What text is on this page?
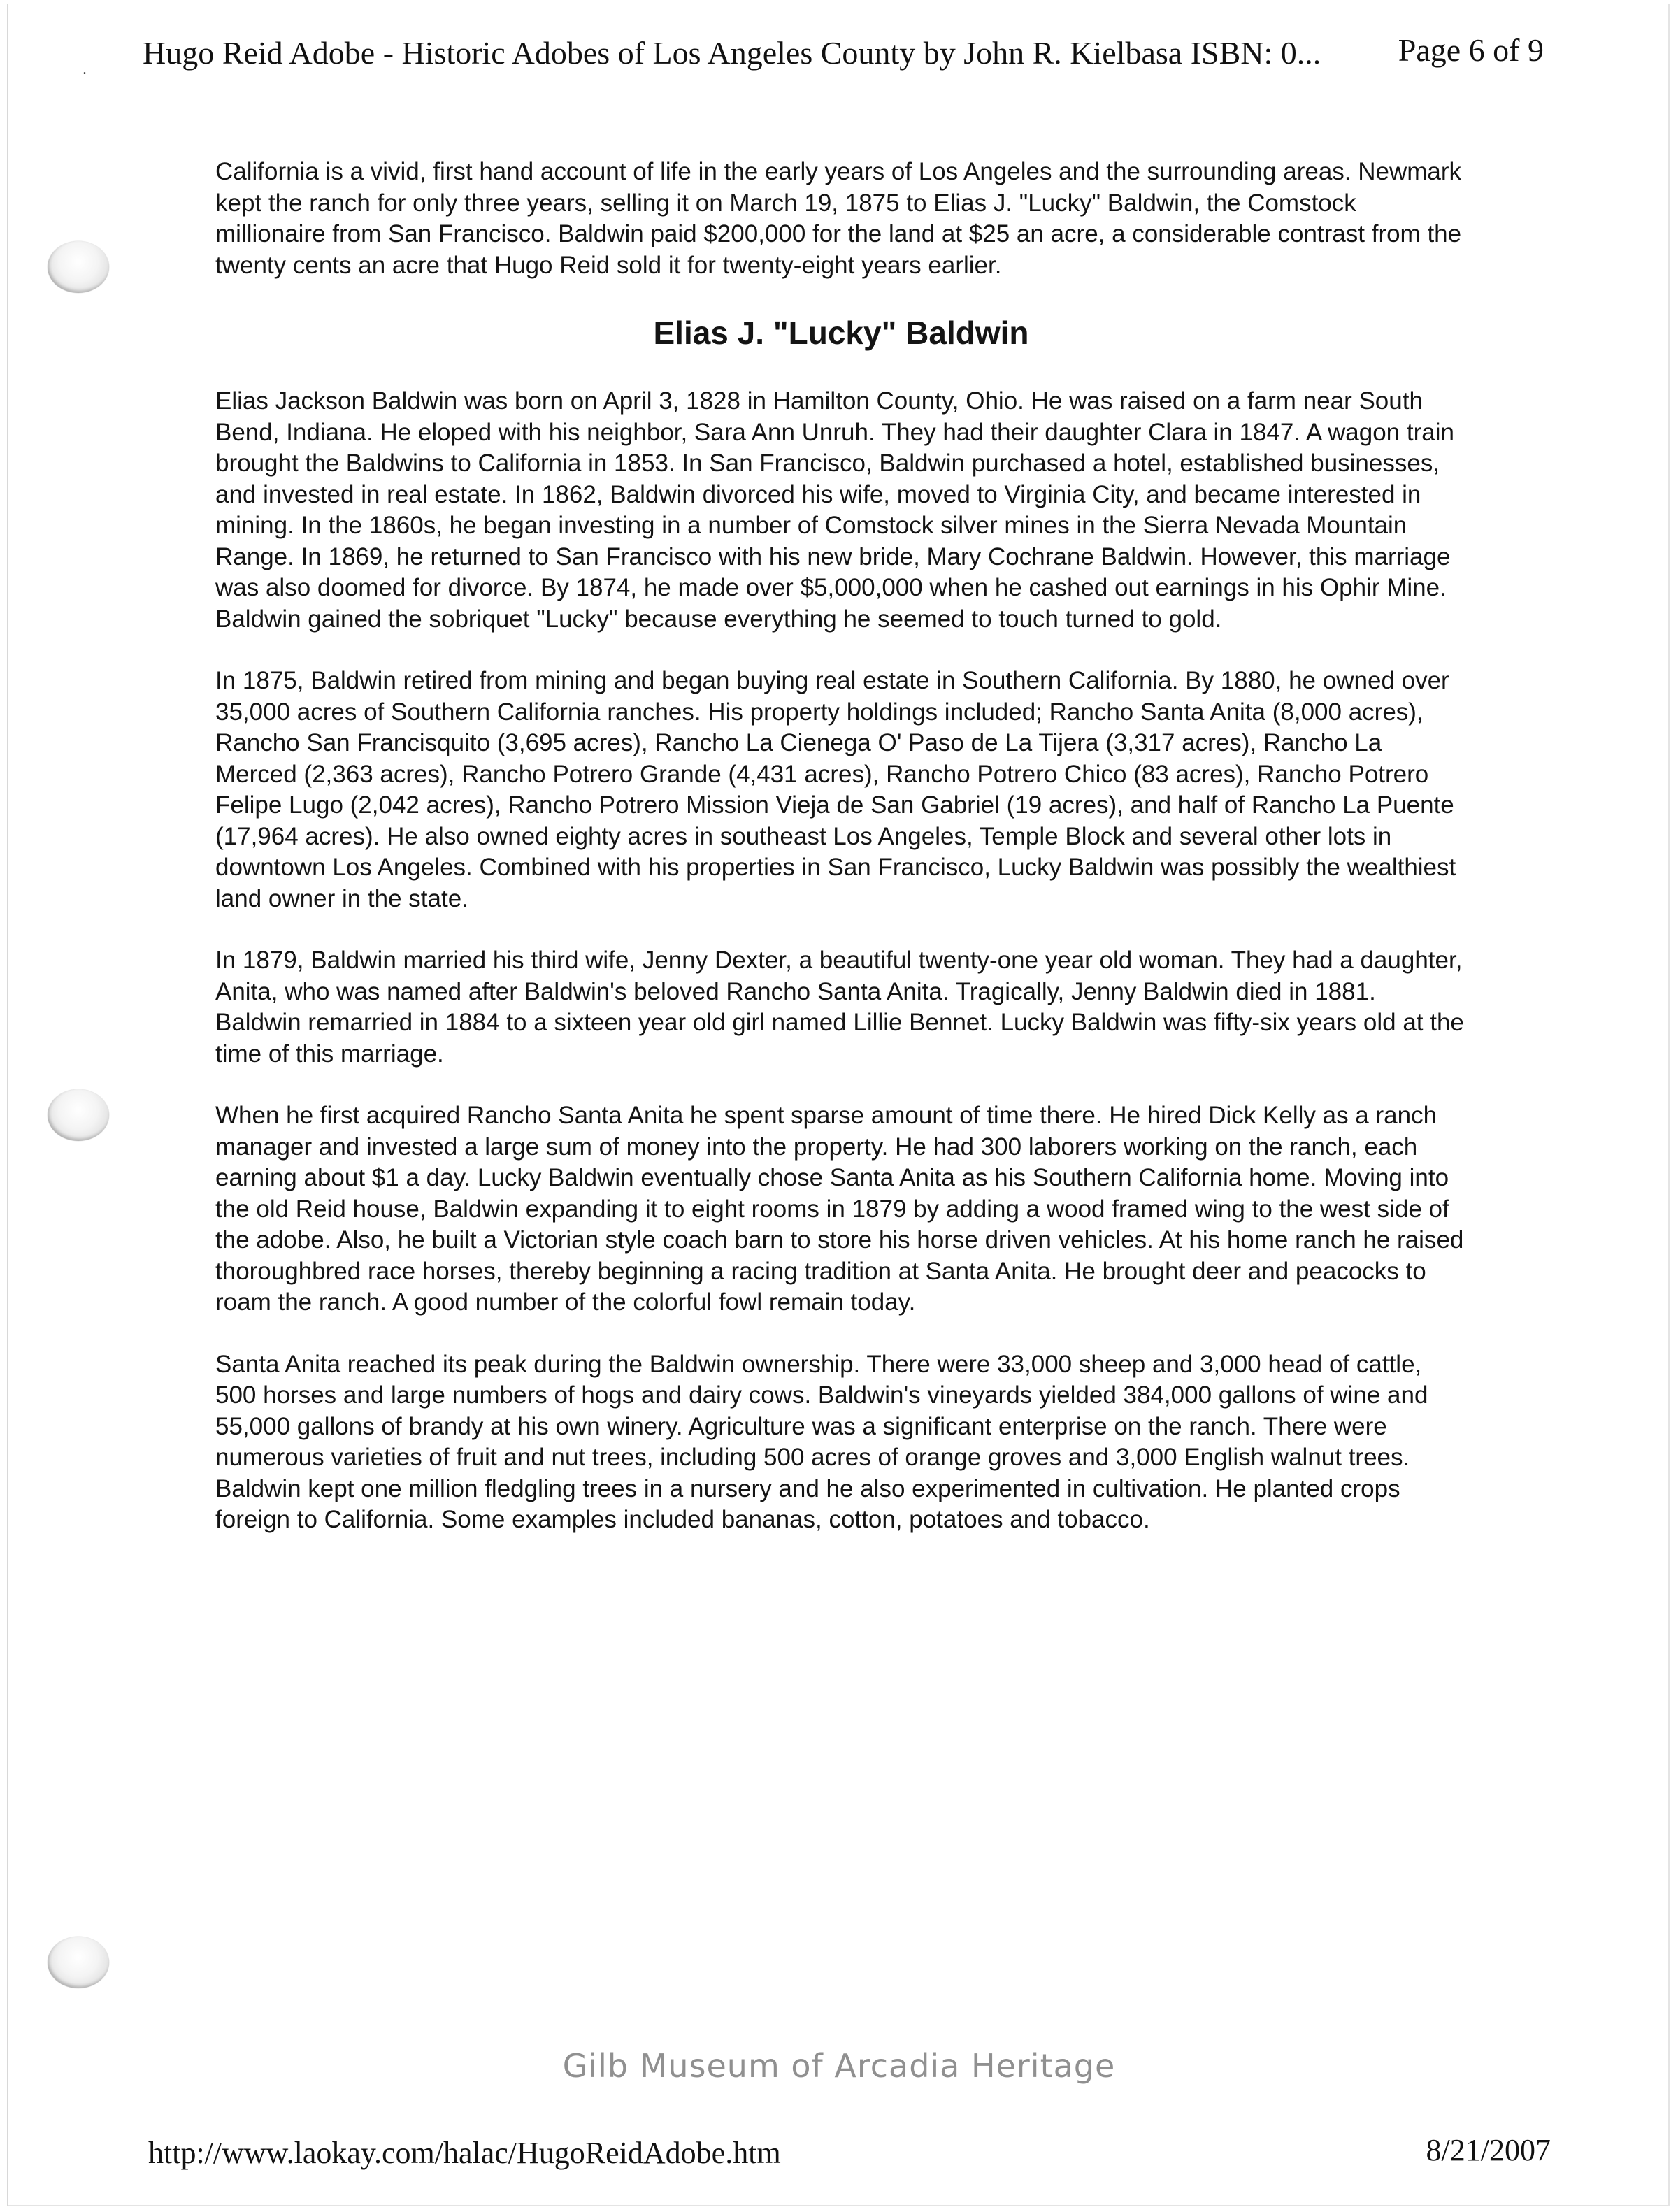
. Hugo Reid Adobe - Historic Adobes of Los Angeles County by John R. Kielbasa ISBN: 0... Page 6 of 9

California is a vivid, first hand account of life in the early years of Los Angeles and the surrounding areas. Newmark kept the ranch for only three years, selling it on March 19, 1875 to Elias J. "Lucky" Baldwin, the Comstock millionaire from San Francisco. Baldwin paid $200,000 for the land at $25 an acre, a considerable contrast from the twenty cents an acre that Hugo Reid sold it for twenty-eight years earlier.

Elias J. "Lucky" Baldwin

Elias Jackson Baldwin was born on April 3, 1828 in Hamilton County, Ohio. He was raised on a farm near South Bend, Indiana. He eloped with his neighbor, Sara Ann Unruh. They had their daughter Clara in 1847. A wagon train brought the Baldwins to California in 1853. In San Francisco, Baldwin purchased a hotel, established businesses, and invested in real estate. In 1862, Baldwin divorced his wife, moved to Virginia City, and became interested in mining. In the 1860s, he began investing in a number of Comstock silver mines in the Sierra Nevada Mountain Range. In 1869, he returned to San Francisco with his new bride, Mary Cochrane Baldwin. However, this marriage was also doomed for divorce. By 1874, he made over $5,000,000 when he cashed out earnings in his Ophir Mine. Baldwin gained the sobriquet "Lucky" because everything he seemed to touch turned to gold.

In 1875, Baldwin retired from mining and began buying real estate in Southern California. By 1880, he owned over 35,000 acres of Southern California ranches. His property holdings included; Rancho Santa Anita (8,000 acres), Rancho San Francisquito (3,695 acres), Rancho La Cienega O' Paso de La Tijera (3,317 acres), Rancho La Merced (2,363 acres), Rancho Potrero Grande (4,431 acres), Rancho Potrero Chico (83 acres), Rancho Potrero Felipe Lugo (2,042 acres), Rancho Potrero Mission Vieja de San Gabriel (19 acres), and half of Rancho La Puente (17,964 acres). He also owned eighty acres in southeast Los Angeles, Temple Block and several other lots in downtown Los Angeles. Combined with his properties in San Francisco, Lucky Baldwin was possibly the wealthiest land owner in the state.

In 1879, Baldwin married his third wife, Jenny Dexter, a beautiful twenty-one year old woman. They had a daughter, Anita, who was named after Baldwin's beloved Rancho Santa Anita. Tragically, Jenny Baldwin died in 1881. Baldwin remarried in 1884 to a sixteen year old girl named Lillie Bennet. Lucky Baldwin was fifty-six years old at the time of this marriage.

When he first acquired Rancho Santa Anita he spent sparse amount of time there. He hired Dick Kelly as a ranch manager and invested a large sum of money into the property. He had 300 laborers working on the ranch, each earning about $1 a day. Lucky Baldwin eventually chose Santa Anita as his Southern California home. Moving into the old Reid house, Baldwin expanding it to eight rooms in 1879 by adding a wood framed wing to the west side of the adobe. Also, he built a Victorian style coach barn to store his horse driven vehicles. At his home ranch he raised thoroughbred race horses, thereby beginning a racing tradition at Santa Anita. He brought deer and peacocks to roam the ranch. A good number of the colorful fowl remain today.

Santa Anita reached its peak during the Baldwin ownership. There were 33,000 sheep and 3,000 head of cattle, 500 horses and large numbers of hogs and dairy cows. Baldwin's vineyards yielded 384,000 gallons of wine and 55,000 gallons of brandy at his own winery. Agriculture was a significant enterprise on the ranch. There were numerous varieties of fruit and nut trees, including 500 acres of orange groves and 3,000 English walnut trees. Baldwin kept one million fledgling trees in a nursery and he also experimented in cultivation. He planted crops foreign to California. Some examples included bananas, cotton, potatoes and tobacco.

Gilb Museum of Arcadia Heritage
http://www.laokay.com/halac/HugoReidAdobe.htm	8/21/2007
